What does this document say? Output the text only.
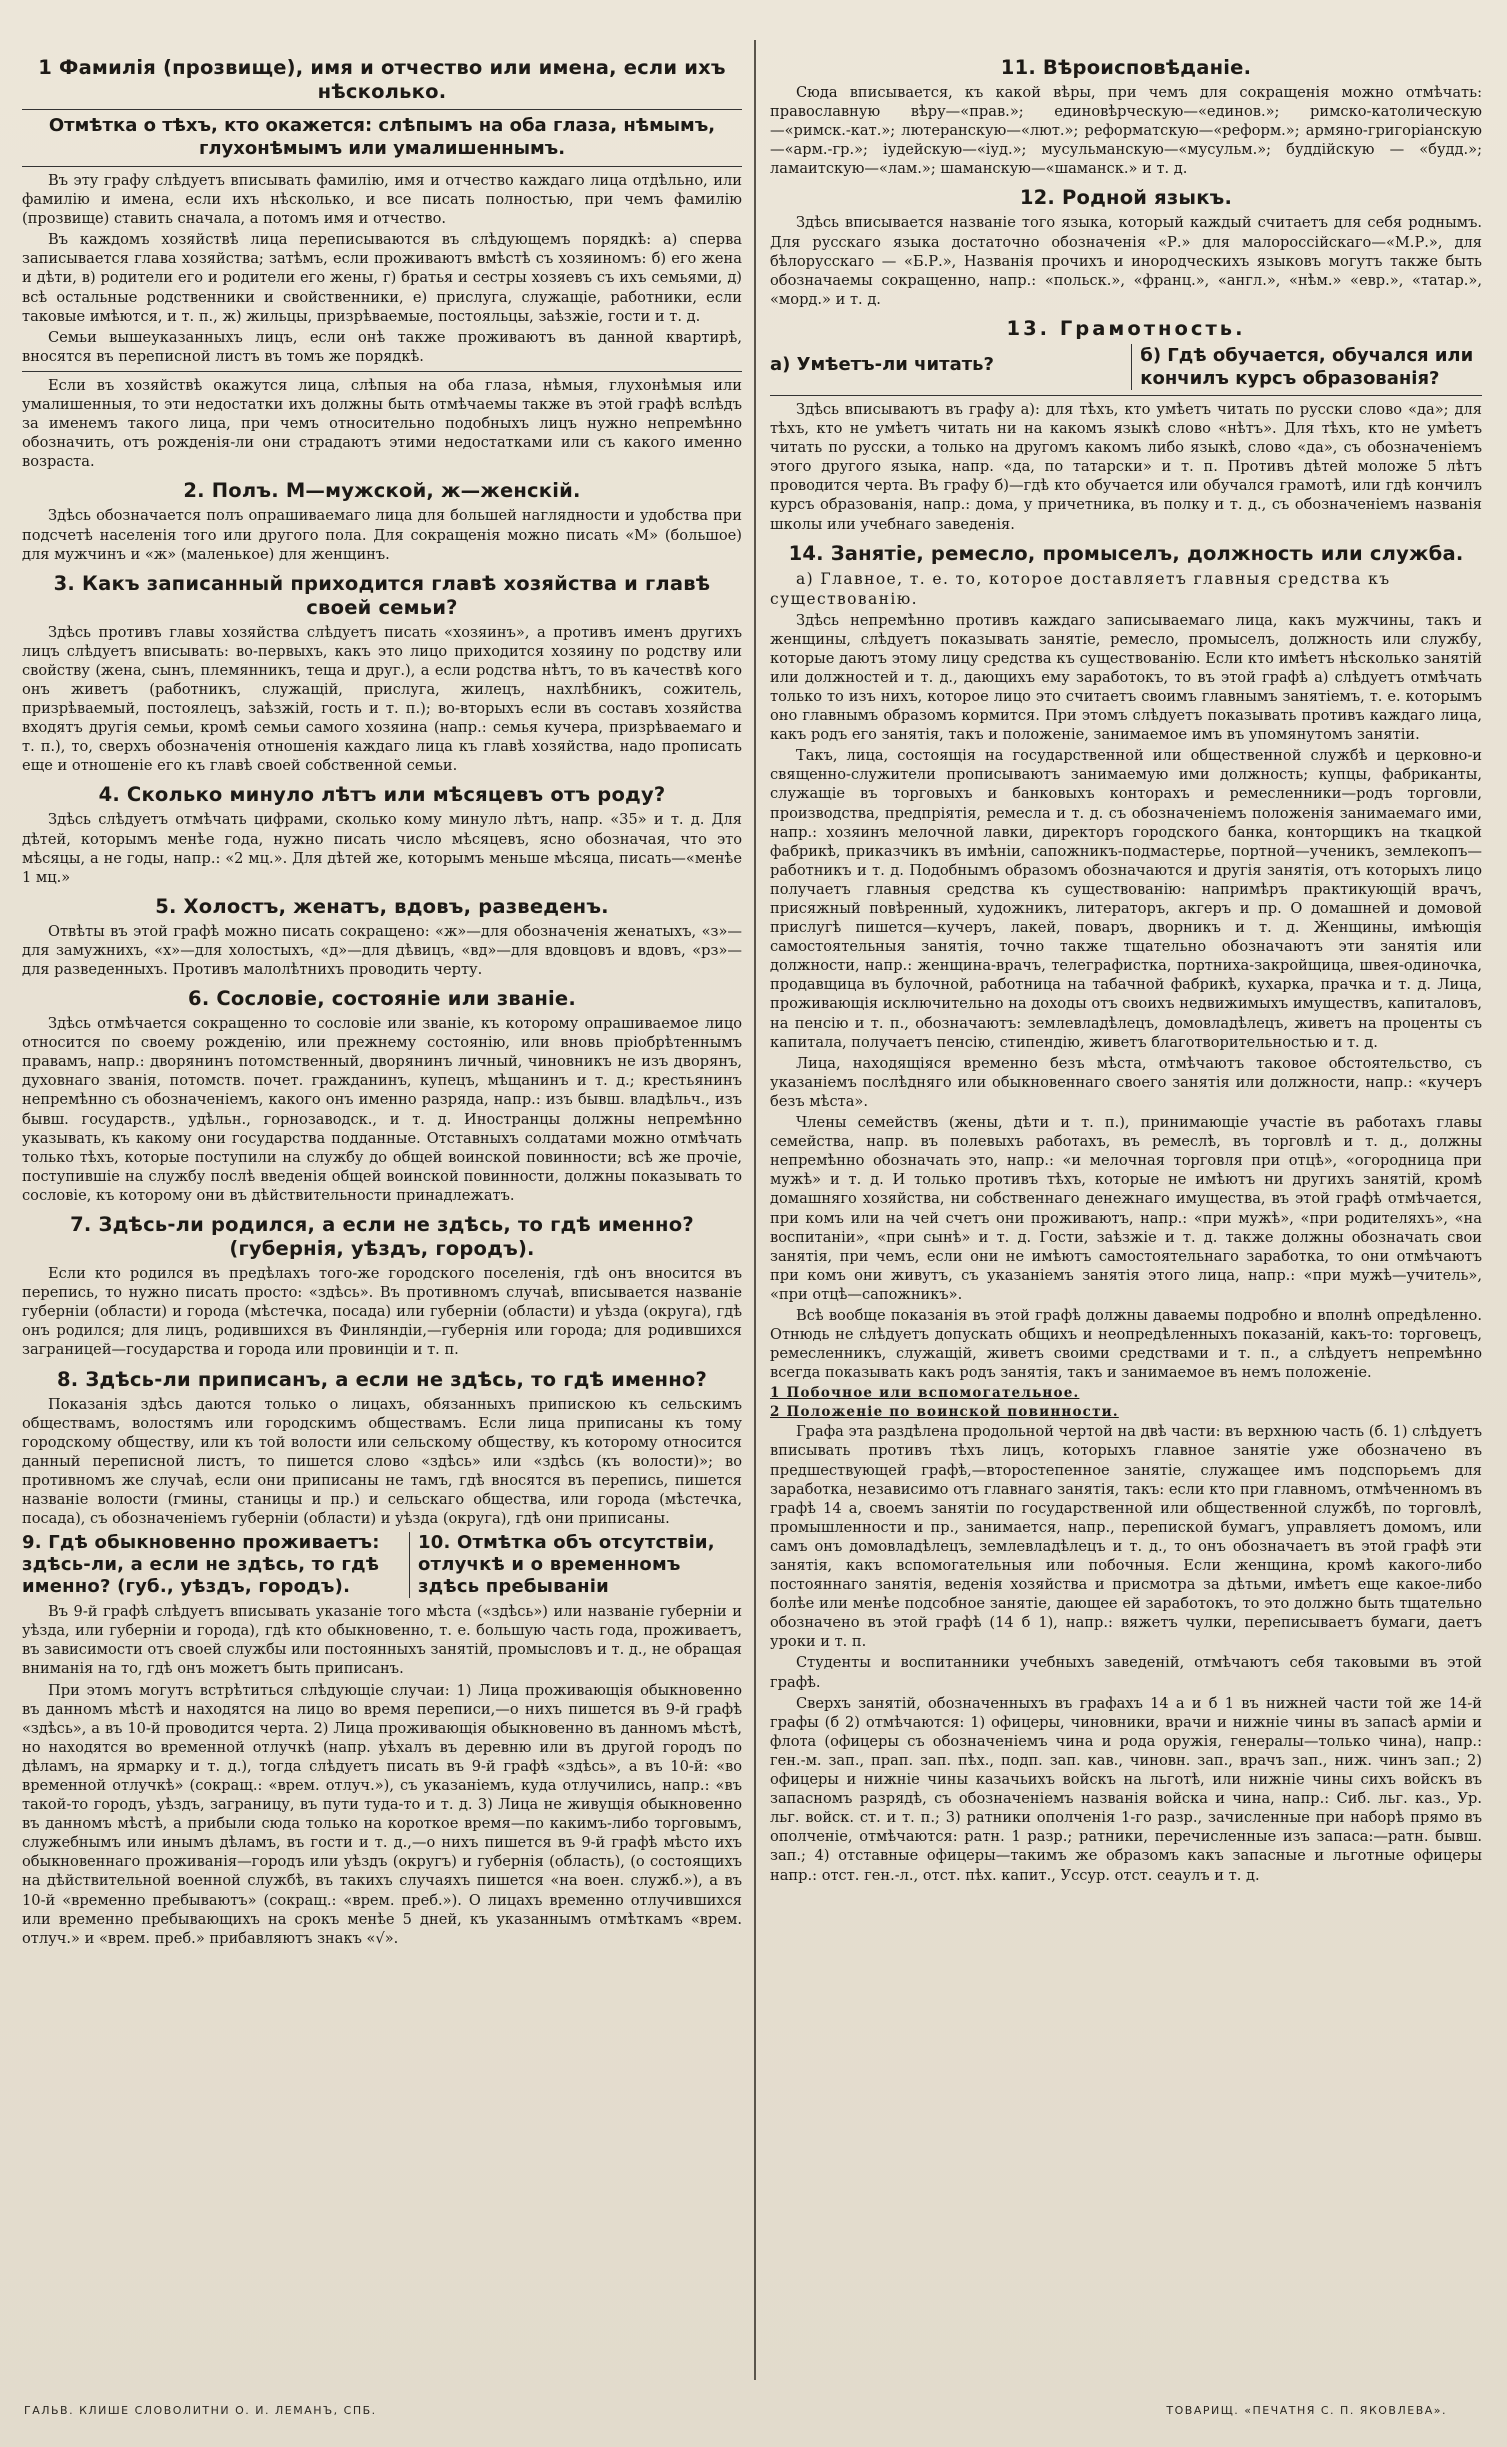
1 Фамилія (прозвище), имя и отчество или имена, если ихъ нѣсколько.
Отмѣтка о тѣхъ, кто окажется: слѣпымъ на оба глаза, нѣмымъ, глухонѣмымъ или умалишеннымъ.

Въ эту графу слѣдуетъ вписывать фамилію, имя и отчество каждаго лица отдѣльно, или фамилію и имена, если ихъ нѣсколько, и все писать полностью, при чемъ фамилію (прозвище) ставить сначала, а потомъ имя и отчество.

Въ каждомъ хозяйствѣ лица переписываются въ слѣдующемъ порядкѣ: а) сперва записывается глава хозяйства; затѣмъ, если проживаютъ вмѣстѣ съ хозяиномъ: б) его жена и дѣти, в) родители его и родители его жены, г) братья и сестры хозяевъ съ ихъ семьями, д) всѣ остальные родственники и свойственники, е) прислуга, служащіе, работники, если таковые имѣются, и т. п., ж) жильцы, призрѣваемые, постояльцы, заѣзжіе, гости и т. д.

Семьи вышеуказанныхъ лицъ, если онѣ также проживаютъ въ данной квартирѣ, вносятся въ переписной листъ въ томъ же порядкѣ.

Если въ хозяйствѣ окажутся лица, слѣпыя на оба глаза, нѣмыя, глухонѣмыя или умалишенныя, то эти недостатки ихъ должны быть отмѣчаемы также въ этой графѣ вслѣдъ за именемъ такого лица, при чемъ относительно подобныхъ лицъ нужно непремѣнно обозначить, отъ рожденія-ли они страдаютъ этими недостатками или съ какого именно возраста.

2. Полъ. М—мужской, ж—женскій.

Здѣсь обозначается полъ опрашиваемаго лица для большей наглядности и удобства при подсчетѣ населенія того или другого пола. Для сокращенія можно писать «М» (большое) для мужчинъ и «ж» (маленькое) для женщинъ.

3. Какъ записанный приходится главѣ хозяйства и главѣ своей семьи?

Здѣсь противъ главы хозяйства слѣдуетъ писать «хозяинъ», а противъ именъ другихъ лицъ слѣдуетъ вписывать: во-первыхъ, какъ это лицо приходится хозяину по родству или свойству (жена, сынъ, племянникъ, теща и друг.), а если родства нѣтъ, то въ качествѣ кого онъ живетъ (работникъ, служащій, прислуга, жилецъ, нахлѣбникъ, сожитель, призрѣваемый, постоялецъ, заѣзжій, гость и т. п.); во-вторыхъ если въ составъ хозяйства входятъ другія семьи, кромѣ семьи самого хозяина (напр.: семья кучера, призрѣваемаго и т. п.), то, сверхъ обозначенія отношенія каждаго лица къ главѣ хозяйства, надо прописать еще и отношеніе его къ главѣ своей собственной семьи.

4. Сколько минуло лѣтъ или мѣсяцевъ отъ роду?

Здѣсь слѣдуетъ отмѣчать цифрами, сколько кому минуло лѣтъ, напр. «35» и т. д. Для дѣтей, которымъ менѣе года, нужно писать число мѣсяцевъ, ясно обозначая, что это мѣсяцы, а не годы, напр.: «2 мц.». Для дѣтей же, которымъ меньше мѣсяца, писать—«менѣе 1 мц.»

5. Холостъ, женатъ, вдовъ, разведенъ.

Отвѣты въ этой графѣ можно писать сокращено: «ж»—для обозначенія женатыхъ, «з»—для замужнихъ, «х»—для холостыхъ, «д»—для дѣвицъ, «вд»—для вдовцовъ и вдовъ, «рз»—для разведенныхъ. Противъ малолѣтнихъ проводить черту.

6. Сословіе, состояніе или званіе.

Здѣсь отмѣчается сокращенно то сословіе или званіе, къ которому опрашиваемое лицо относится по своему рожденію, или прежнему состоянію, или вновь пріобрѣтеннымъ правамъ, напр.: дворянинъ потомственный, дворянинъ личный, чиновникъ не изъ дворянъ, духовнаго званія, потомств. почет. гражданинъ, купецъ, мѣщанинъ и т. д.; крестьянинъ непремѣнно съ обозначеніемъ, какого онъ именно разряда, напр.: изъ бывш. владѣльч., изъ бывш. государств., удѣльн., горнозаводск., и т. д. Иностранцы должны непремѣнно указывать, къ какому они государства подданные. Отставныхъ солдатами можно отмѣчать только тѣхъ, которые поступили на службу до общей воинской повинности; всѣ же прочіе, поступившіе на службу послѣ введенія общей воинской повинности, должны показывать то сословіе, къ которому они въ дѣйствительности принадлежатъ.

7. Здѣсь-ли родился, а если не здѣсь, то гдѣ именно? (губернія, уѣздъ, городъ).

Если кто родился въ предѣлахъ того-же городского поселенія, гдѣ онъ вносится въ перепись, то нужно писать просто: «здѣсь». Въ противномъ случаѣ, вписывается названіе губерніи (области) и города (мѣстечка, посада) или губерніи (области) и уѣзда (округа), гдѣ онъ родился; для лицъ, родившихся въ Финляндіи,—губернія или города; для родившихся заграницей—государства и города или провинціи и т. п.

8. Здѣсь-ли приписанъ, а если не здѣсь, то гдѣ именно?

Показанія здѣсь даются только о лицахъ, обязанныхъ припискою къ сельскимъ обществамъ, волостямъ или городскимъ обществамъ. Если лица приписаны къ тому городскому обществу, или къ той волости или сельскому обществу, къ которому относится данный переписной листъ, то пишется слово «здѣсь» или «здѣсь (къ волости)»; во противномъ же случаѣ, если они приписаны не тамъ, гдѣ вносятся въ перепись, пишется названіе волости (гмины, станицы и пр.) и сельскаго общества, или города (мѣстечка, посада), съ обозначеніемъ губерніи (области) и уѣзда (округа), гдѣ они приписаны.

9. Гдѣ обыкновенно проживаетъ: здѣсь-ли, а если не здѣсь, то гдѣ именно? (губ., уѣздъ, городъ).
10. Отмѣтка объ отсутствіи, отлучкѣ и о временномъ здѣсь пребываніи

Въ 9-й графѣ слѣдуетъ вписывать указаніе того мѣста («здѣсь») или названіе губерніи и уѣзда, или губерніи и города), гдѣ кто обыкновенно, т. е. большую часть года, проживаетъ, въ зависимости отъ своей службы или постоянныхъ занятій, промысловъ и т. д., не обращая вниманія на то, гдѣ онъ можетъ быть приписанъ.

При этомъ могутъ встрѣтиться слѣдующіе случаи: 1) Лица проживающія обыкновенно въ данномъ мѣстѣ и находятся на лицо во время переписи,—о нихъ пишется въ 9-й графѣ «здѣсь», а въ 10-й проводится черта. 2) Лица проживающія обыкновенно въ данномъ мѣстѣ, но находятся во временной отлучкѣ (напр. уѣхалъ въ деревню или въ другой городъ по дѣламъ, на ярмарку и т. д.), тогда слѣдуетъ писать въ 9-й графѣ «здѣсь», а въ 10-й: «во временной отлучкѣ» (сокращ.: «врем. отлуч.»), съ указаніемъ, куда отлучились, напр.: «въ такой-то городъ, уѣздъ, заграницу, въ пути туда-то и т. д. 3) Лица не живущія обыкновенно въ данномъ мѣстѣ, а прибыли сюда только на короткое время—по какимъ-либо торговымъ, служебнымъ или инымъ дѣламъ, въ гости и т. д.,—о нихъ пишется въ 9-й графѣ мѣсто ихъ обыкновеннаго проживанія—городъ или уѣздъ (округъ) и губернія (область), (о состоящихъ на дѣйствительной военной службѣ, въ такихъ случаяхъ пишется «на воен. служб.»), а въ 10-й «временно пребываютъ» (сокращ.: «врем. преб.»). О лицахъ временно отлучившихся или временно пребывающихъ на срокъ менѣе 5 дней, къ указаннымъ отмѣткамъ «врем. отлуч.» и «врем. преб.» прибавляютъ знакъ «√».

11. Вѣроисповѣданіе.

Сюда вписывается, къ какой вѣры, при чемъ для сокращенія можно отмѣчать: православную вѣру—«прав.»; единовѣрческую—«единов.»; римско-католическую—«римск.-кат.»; лютеранскую—«лют.»; реформатскую—«реформ.»; армяно-григоріанскую—«арм.-гр.»; іудейскую—«іуд.»; мусульманскую—«мусульм.»; буддійскую — «будд.»; ламаитскую—«лам.»; шаманскую—«шаманск.» и т. д.

12. Родной языкъ.

Здѣсь вписывается названіе того языка, который каждый считаетъ для себя роднымъ. Для русскаго языка достаточно обозначенія «Р.» для малороссійскаго—«М.Р.», для бѣлорусскаго — «Б.Р.», Названія прочихъ и инородческихъ языковъ могутъ также быть обозначаемы сокращенно, напр.: «польск.», «франц.», «англ.», «нѣм.» «евр.», «татар.», «морд.» и т. д.

13. Грамотность.
а) Умѣетъ-ли читать?	б) Гдѣ обучается, обучался или кончилъ курсъ образованія?

Здѣсь вписываютъ въ графу а): для тѣхъ, кто умѣетъ читать по русски слово «да»; для тѣхъ, кто не умѣетъ читать ни на какомъ языкѣ слово «нѣтъ». Для тѣхъ, кто не умѣетъ читать по русски, а только на другомъ какомъ либо языкѣ, слово «да», съ обозначеніемъ этого другого языка, напр. «да, по татарски» и т. п. Противъ дѣтей моложе 5 лѣтъ проводится черта. Въ графу б)—гдѣ кто обучается или обучался грамотѣ, или гдѣ кончилъ курсъ образованія, напр.: дома, у причетника, въ полку и т. д., съ обозначеніемъ названія школы или учебнаго заведенія.

14. Занятіе, ремесло, промыселъ, должность или служба.

а) Главное, т. е. то, которое доставляетъ главныя средства къ существованію.

Здѣсь непремѣнно противъ каждаго записываемаго лица, какъ мужчины, такъ и женщины, слѣдуетъ показывать занятіе, ремесло, промыселъ, должность или службу, которые даютъ этому лицу средства къ существованію. Если кто имѣетъ нѣсколько занятій или должностей и т. д., дающихъ ему заработокъ, то въ этой графѣ a) слѣдуетъ отмѣчать только то изъ нихъ, которое лицо это считаетъ своимъ главнымъ занятіемъ, т. е. которымъ оно главнымъ образомъ кормится. При этомъ слѣдуетъ показывать противъ каждаго лица, какъ родъ его занятія, такъ и положеніе, занимаемое имъ въ упомянутомъ занятіи.

Такъ, лица, состоящія на государственной или общественной службѣ и церковно-и священно-служители прописываютъ занимаемую ими должность; купцы, фабриканты, служащіе въ торговыхъ и банковыхъ конторахъ и ремесленники—родъ торговли, производства, предпріятія, ремесла и т. д. съ обозначеніемъ положенія занимаемаго ими, напр.: хозяинъ мелочной лавки, директоръ городского банка, конторщикъ на ткацкой фабрикѣ, приказчикъ въ имѣніи, сапожникъ-подмастерье, портной—ученикъ, землекопъ—работникъ и т. д. Подобнымъ образомъ обозначаются и другія занятія, отъ которыхъ лицо получаетъ главныя средства къ существованію: напримѣръ практикующій врачъ, присяжный повѣренный, художникъ, литераторъ, акгеръ и пр. О домашней и домовой прислугѣ пишется—кучеръ, лакей, поваръ, дворникъ и т. д. Женщины, имѣющія самостоятельныя занятія, точно также тщательно обозначаютъ эти занятія или должности, напр.: женщина-врачъ, телеграфистка, портниха-закройщица, швея-одиночка, продавщица въ булочной, работница на табачной фабрикѣ, кухарка, прачка и т. д. Лица, проживающія исключительно на доходы отъ своихъ недвижимыхъ имуществъ, капиталовъ, на пенсію и т. п., обозначаютъ: землевладѣлецъ, домовладѣлецъ, живетъ на проценты съ капитала, получаетъ пенсію, стипендію, живетъ благотворительностью и т. д.

Лица, находящіяся временно безъ мѣста, отмѣчаютъ таковое обстоятельство, съ указаніемъ послѣдняго или обыкновеннаго своего занятія или должности, напр.: «кучеръ безъ мѣста».

Члены семействъ (жены, дѣти и т. п.), принимающіе участіе въ работахъ главы семейства, напр. въ полевыхъ работахъ, въ ремеслѣ, въ торговлѣ и т. д., должны непремѣнно обозначать это, напр.: «и мелочная торговля при отцѣ», «огородница при мужѣ» и т. д. И только противъ тѣхъ, которые не имѣютъ ни другихъ занятій, кромѣ домашняго хозяйства, ни собственнаго денежнаго имущества, въ этой графѣ отмѣчается, при комъ или на чей счетъ они проживаютъ, напр.: «при мужѣ», «при родителяхъ», «на воспитаніи», «при сынѣ» и т. д. Гости, заѣзжіе и т. д. также должны обозначать свои занятія, при чемъ, если они не имѣютъ самостоятельнаго заработка, то они отмѣчаютъ при комъ они живутъ, съ указаніемъ занятія этого лица, напр.: «при мужѣ—учитель», «при отцѣ—сапожникъ».

Всѣ вообще показанія въ этой графѣ должны даваемы подробно и вполнѣ опредѣленно. Отнюдь не слѣдуетъ допускать общихъ и неопредѣленныхъ показаній, какъ-то: торговецъ, ремесленникъ, служащій, живетъ своими средствами и т. п., а слѣдуетъ непремѣнно всегда показывать какъ родъ занятія, такъ и занимаемое въ немъ положеніе.

1 Побочное или вспомогательное.
2 Положеніе по воинской повинности.

Графа эта раздѣлена продольной чертой на двѣ части: въ верхнюю часть (б. 1) слѣдуетъ вписывать противъ тѣхъ лицъ, которыхъ главное занятіе уже обозначено въ предшествующей графѣ,—второстепенное занятіе, служащее имъ подспорьемъ для заработка, независимо отъ главнаго занятія, такъ: если кто при главномъ, отмѣченномъ въ графѣ 14 а, своемъ занятіи по государственной или общественной службѣ, по торговлѣ, промышленности и пр., занимается, напр., перепиской бумагъ, управляетъ домомъ, или самъ онъ домовладѣлецъ, землевладѣлецъ и т. д., то онъ обозначаетъ въ этой графѣ эти занятія, какъ вспомогательныя или побочныя. Если женщина, кромѣ какого-либо постояннаго занятія, веденія хозяйства и присмотра за дѣтьми, имѣетъ еще какое-либо болѣе или менѣе подсобное занятіе, дающее ей заработокъ, то это должно быть тщательно обозначено въ этой графѣ (14 б 1), напр.: вяжетъ чулки, переписываетъ бумаги, даетъ уроки и т. п.

Студенты и воспитанники учебныхъ заведеній, отмѣчаютъ себя таковыми въ этой графѣ.

Сверхъ занятій, обозначенныхъ въ графахъ 14 а и б 1 въ нижней части той же 14-й графы (б 2) отмѣчаются: 1) офицеры, чиновники, врачи и нижніе чины въ запасѣ арміи и флота (офицеры съ обозначеніемъ чина и рода оружія, генералы—только чина), напр.: ген.-м. зап., прап. зап. пѣх., подп. зап. кав., чиновн. зап., врачъ зап., ниж. чинъ зап.; 2) офицеры и нижніе чины казачьихъ войскъ на льготѣ, или нижніе чины сихъ войскъ въ запасномъ разрядѣ, съ обозначеніемъ названія войска и чина, напр.: Сиб. льг. каз., Ур. льг. войск. ст. и т. п.; 3) ратники ополченія 1-го разр., зачисленные при наборѣ прямо въ ополченіе, отмѣчаются: ратн. 1 разр.; ратники, перечисленные изъ запаса:—ратн. бывш. зап.; 4) отставные офицеры—такимъ же образомъ какъ запасные и льготные офицеры напр.: отст. ген.-л., отст. пѣх. капит., Уссур. отст. сеаулъ и т. д.

ГАЛЬВ. КЛИШЕ СЛОВОЛИТНИ О. И. ЛЕМАНЪ, СПБ.	ТОВАРИЩ. «ПЕЧАТНЯ С. П. ЯКОВЛЕВА».
